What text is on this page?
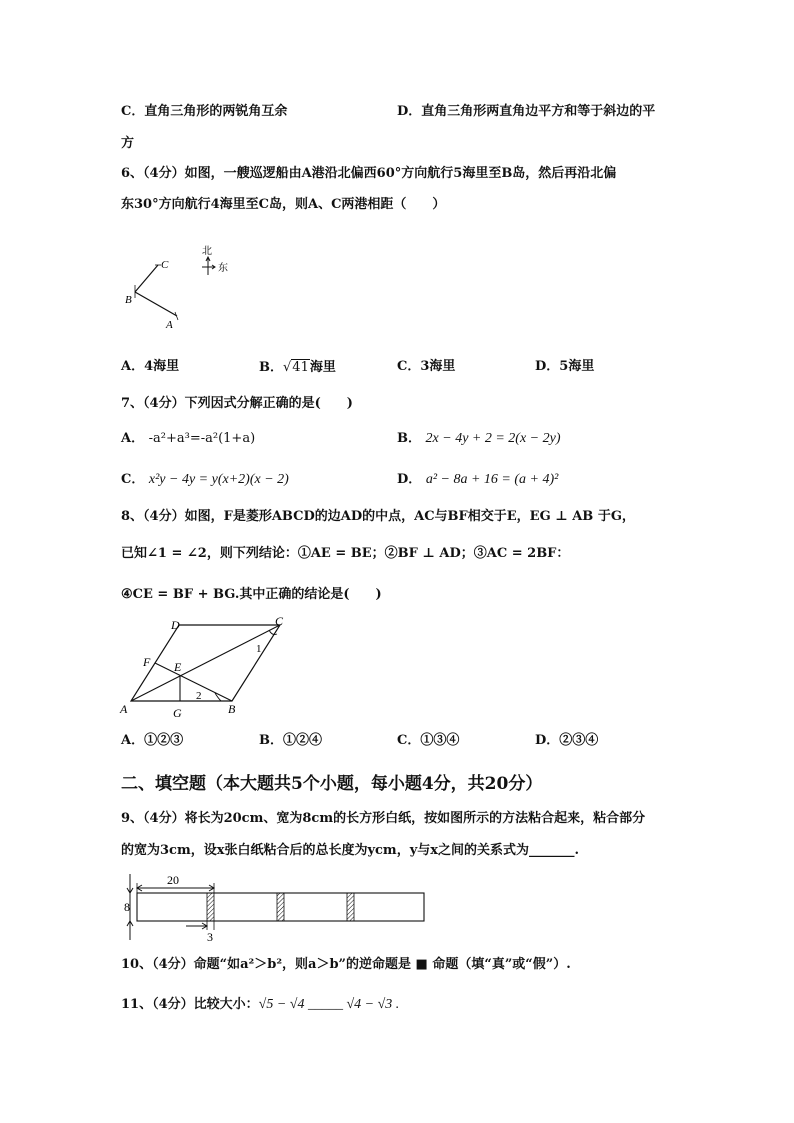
C．直角三角形的两锐角互余	D．直角三角形两直角边平方和等于斜边的平
方
6、（4分）如图，一艘巡逻船由A港沿北偏西60°方向航行5海里至B岛，然后再沿北偏
东30°方向航行4海里至C岛，则A、C两港相距（　　）
北
东
C
B
A
A．4海里	B．√41海里	C．3海里	D．5海里
7、（4分）下列因式分解正确的是(　　)
A． -a²+a³=-a²(1+a)	B． 2x − 4y + 2 = 2(x − 2y)
C． x²y − 4y = y(x+2)(x − 2)	D． a² − 8a + 16 = (a + 4)²
8、（4分）如图，F是菱形ABCD的边AD的中点，AC与BF相交于E，EG ⊥ AB 于G，
已知∠1 = ∠2，则下列结论：①AE = BE；②BF ⊥ AD；③AC = 2BF：
④CE = BF + BG.其中正确的结论是(　　)
D	C
1
F E
2
A	G	B
A．①②③	B．①②④	C．①③④	D．②③④
二、填空题（本大题共5个小题，每小题4分，共20分）
9、（4分）将长为20cm、宽为8cm的长方形白纸，按如图所示的方法粘合起来，粘合部分
的宽为3cm，设x张白纸粘合后的总长度为ycm，y与x之间的关系式为_______.
20
8
3
10、（4分）命题“如a²＞b²，则a＞b”的逆命题是 ■ 命题（填“真”或“假”）.
11、（4分）比较大小：√5 − √4 _____ √4 − √3 .
